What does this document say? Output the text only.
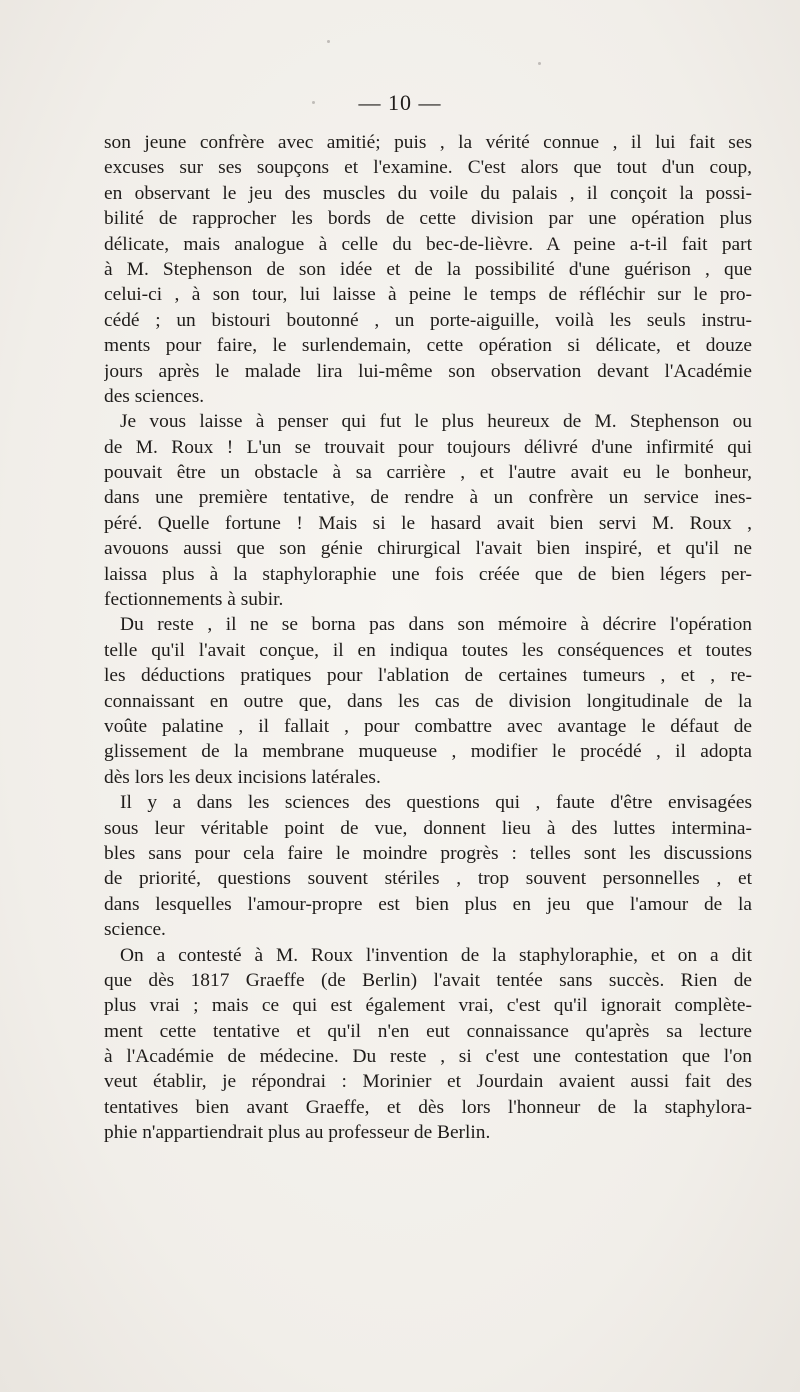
— 10 —
son jeune confrère avec amitié; puis , la vérité connue , il lui fait ses
excuses sur ses soupçons et l'examine. C'est alors que tout d'un coup,
en observant le jeu des muscles du voile du palais , il conçoit la possi-
bilité de rapprocher les bords de cette division par une opération plus
délicate, mais analogue à celle du bec-de-lièvre. A peine a-t-il fait part
à M. Stephenson de son idée et de la possibilité d'une guérison , que
celui-ci , à son tour, lui laisse à peine le temps de réfléchir sur le pro-
cédé ; un bistouri boutonné , un porte-aiguille, voilà les seuls instru-
ments pour faire, le surlendemain, cette opération si délicate, et douze
jours après le malade lira lui-même son observation devant l'Académie
des sciences.
Je vous laisse à penser qui fut le plus heureux de M. Stephenson ou
de M. Roux ! L'un se trouvait pour toujours délivré d'une infirmité qui
pouvait être un obstacle à sa carrière , et l'autre avait eu le bonheur,
dans une première tentative, de rendre à un confrère un service ines-
péré. Quelle fortune ! Mais si le hasard avait bien servi M. Roux ,
avouons aussi que son génie chirurgical l'avait bien inspiré, et qu'il ne
laissa plus à la staphyloraphie une fois créée que de bien légers per-
fectionnements à subir.
Du reste , il ne se borna pas dans son mémoire à décrire l'opération
telle qu'il l'avait conçue, il en indiqua toutes les conséquences et toutes
les déductions pratiques pour l'ablation de certaines tumeurs , et , re-
connaissant en outre que, dans les cas de division longitudinale de la
voûte palatine , il fallait , pour combattre avec avantage le défaut de
glissement de la membrane muqueuse , modifier le procédé , il adopta
dès lors les deux incisions latérales.
Il y a dans les sciences des questions qui , faute d'être envisagées
sous leur véritable point de vue, donnent lieu à des luttes intermina-
bles sans pour cela faire le moindre progrès : telles sont les discussions
de priorité, questions souvent stériles , trop souvent personnelles , et
dans lesquelles l'amour-propre est bien plus en jeu que l'amour de la
science.
On a contesté à M. Roux l'invention de la staphyloraphie, et on a dit
que dès 1817 Graeffe (de Berlin) l'avait tentée sans succès. Rien de
plus vrai ; mais ce qui est également vrai, c'est qu'il ignorait complète-
ment cette tentative et qu'il n'en eut connaissance qu'après sa lecture
à l'Académie de médecine. Du reste , si c'est une contestation que l'on
veut établir, je répondrai : Morinier et Jourdain avaient aussi fait des
tentatives bien avant Graeffe, et dès lors l'honneur de la staphylora-
phie n'appartiendrait plus au professeur de Berlin.
